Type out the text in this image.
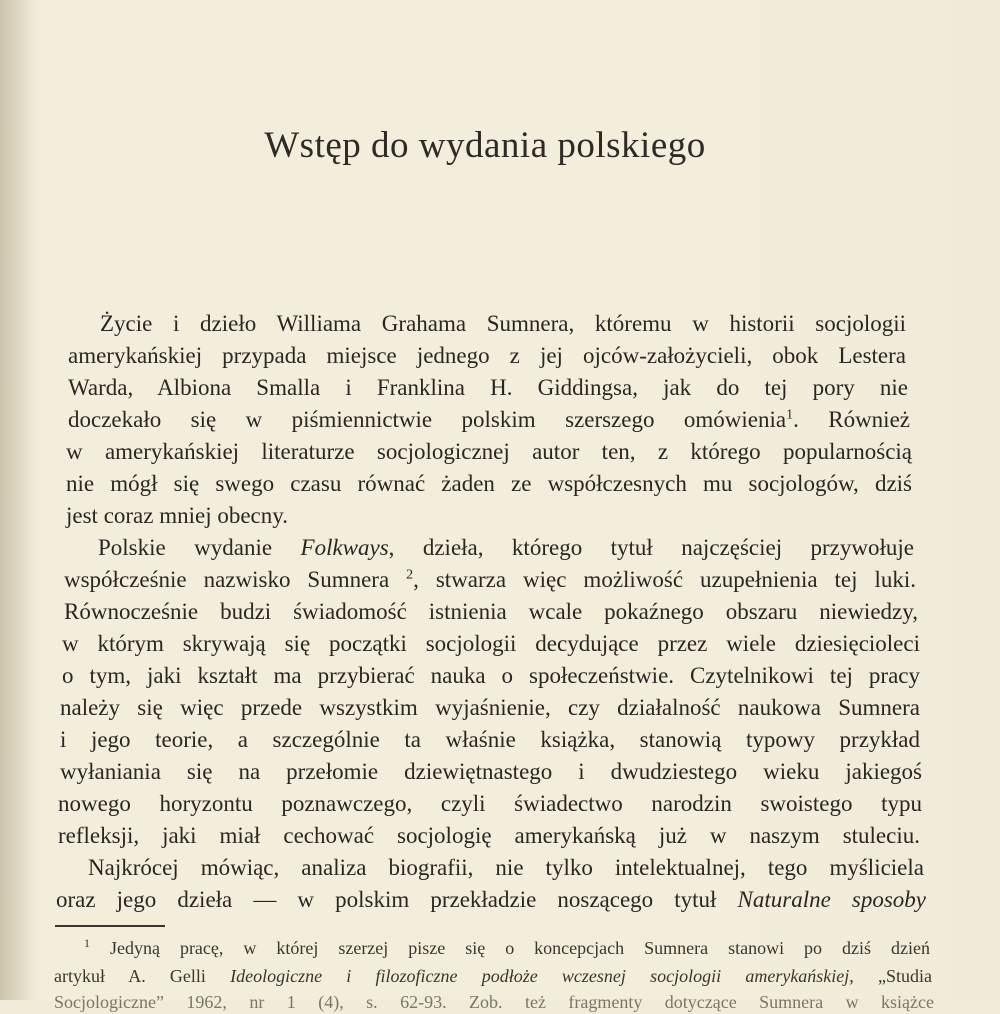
Wstęp do wydania polskiego
Życie i dzieło Williama Grahama Sumnera, któremu w historii socjologii
amerykańskiej przypada miejsce jednego z jej ojców-założycieli, obok Lestera
Warda, Albiona Smalla i Franklina H. Giddingsa, jak do tej pory nie
doczekało się w piśmiennictwie polskim szerszego omówienia$^1$. Również
w amerykańskiej literaturze socjologicznej autor ten, z którego popularnością
nie mógł się swego czasu równać żaden ze współczesnych mu socjologów, dziś
jest coraz mniej obecny.
Polskie wydanie Folkways, dzieła, którego tytuł najczęściej przywołuje
współcześnie nazwisko Sumnera $^2$, stwarza więc możliwość uzupełnienia tej luki.
Równocześnie budzi świadomość istnienia wcale pokaźnego obszaru niewiedzy,
w którym skrywają się początki socjologii decydujące przez wiele dziesięcioleci
o tym, jaki kształt ma przybierać nauka o społeczeństwie. Czytelnikowi tej pracy
należy się więc przede wszystkim wyjaśnienie, czy działalność naukowa Sumnera
i jego teorie, a szczególnie ta właśnie książka, stanowią typowy przykład
wyłaniania się na przełomie dziewiętnastego i dwudziestego wieku jakiegoś
nowego horyzontu poznawczego, czyli świadectwo narodzin swoistego typu
refleksji, jaki miał cechować socjologię amerykańską już w naszym stuleciu.
Najkrócej mówiąc, analiza biografii, nie tylko intelektualnej, tego myśliciela
oraz jego dzieła — w polskim przekładzie noszącego tytuł Naturalne sposoby
$^1$ Jedyną pracę, w której szerzej pisze się o koncepcjach Sumnera stanowi po dziś dzień
artykuł A. Gelli Ideologiczne i filozoficzne podłoże wczesnej socjologii amerykańskiej, „Studia
Socjologiczne” 1962, nr 1 (4), s. 62-93. Zob. też fragmenty dotyczące Sumnera w książce
